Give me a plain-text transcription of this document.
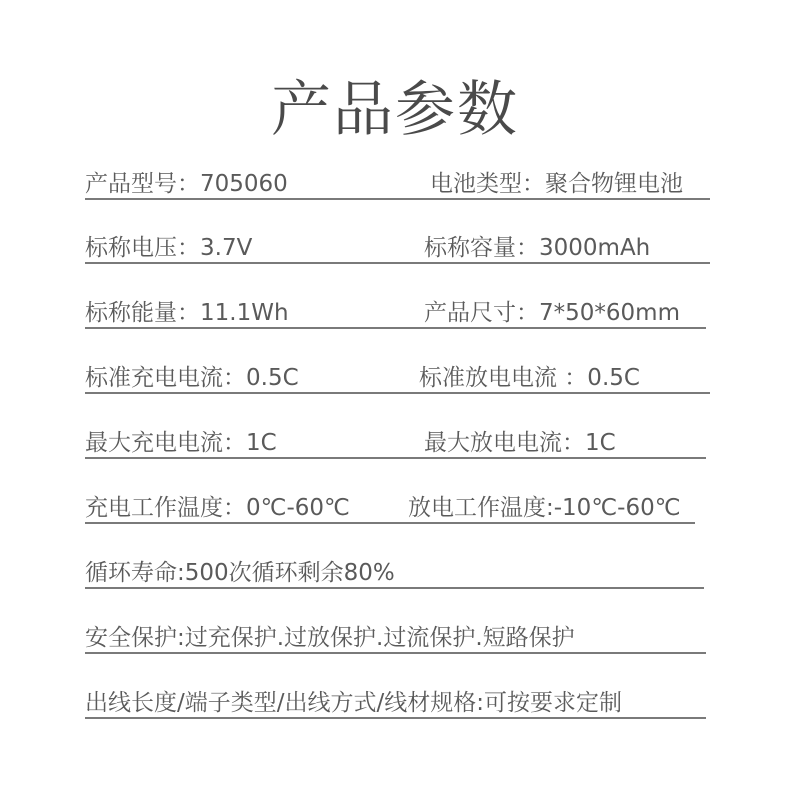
产品参数
产品型号：705060	电池类型：聚合物锂电池
标称电压：3.7V	标称容量：3000mAh
标称能量：11.1Wh	产品尺寸：7*50*60mm
标准充电电流：0.5C	标准放电电流 ：0.5C
最大充电电流：1C	最大放电电流：1C
充电工作温度：0℃-60℃	放电工作温度:-10℃-60℃
循环寿命:500次循环剩余80%
安全保护:过充保护.过放保护.过流保护.短路保护
出线长度/端子类型/出线方式/线材规格:可按要求定制
